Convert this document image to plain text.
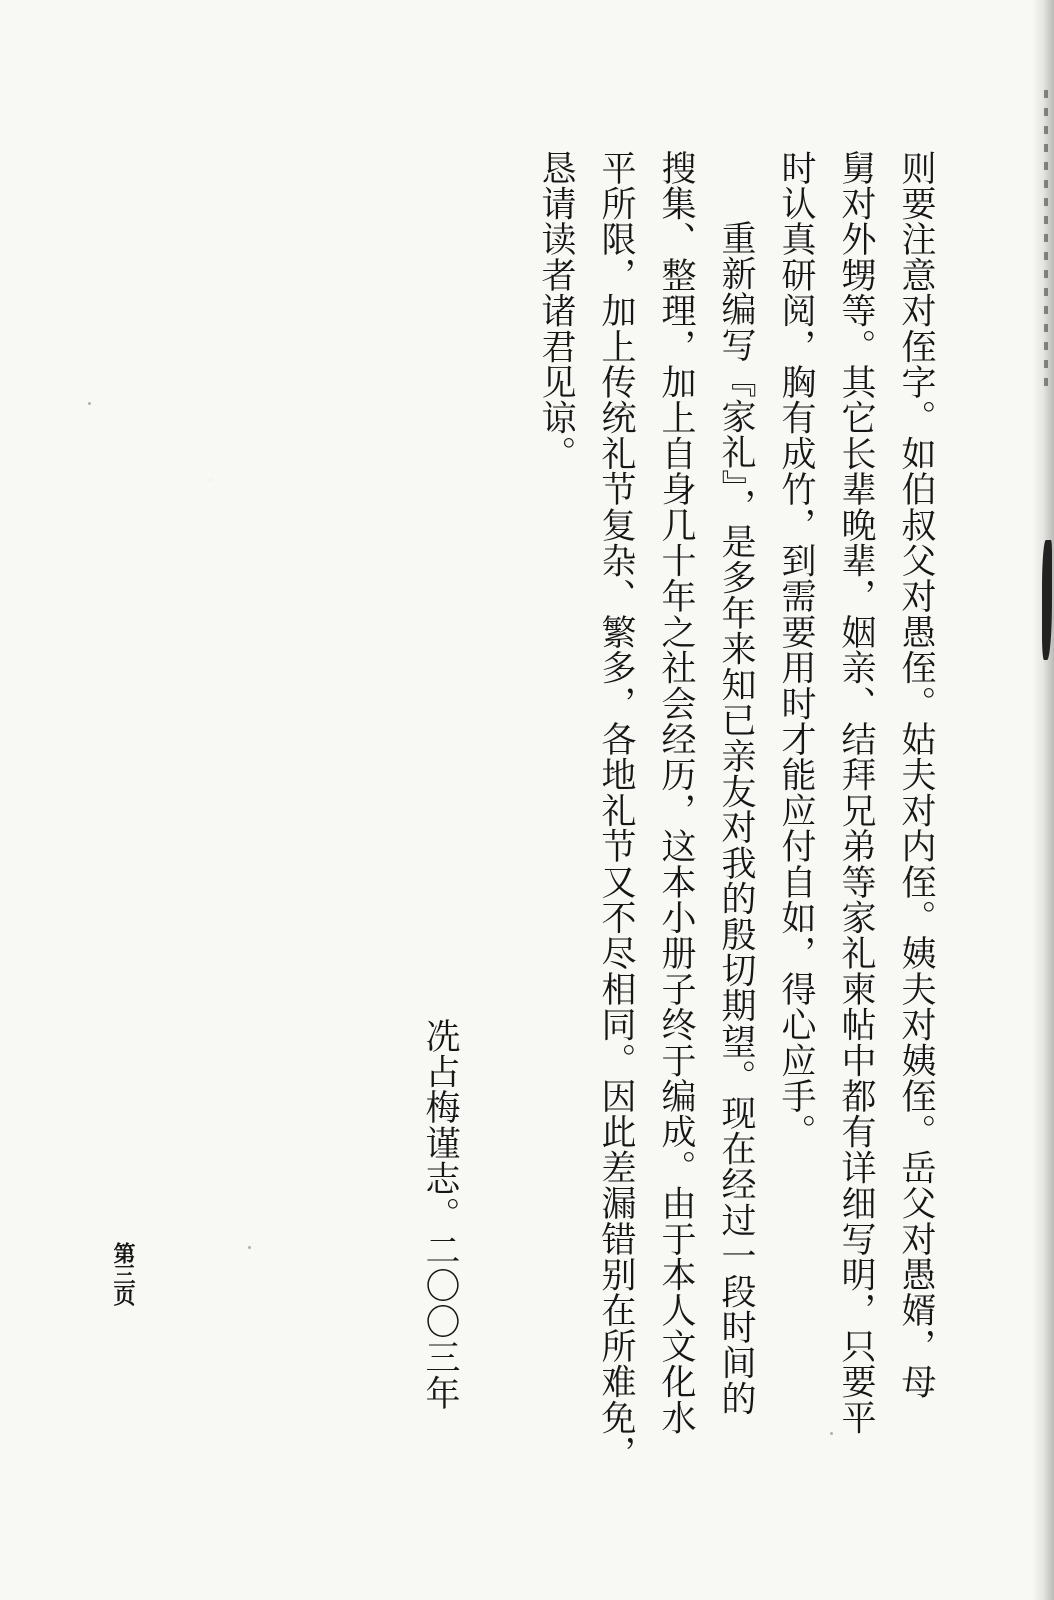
则要注意对侄字。如伯叔父对愚侄。姑夫对内侄。姨夫对姨侄。岳父对愚婿，母
舅对外甥等。其它长辈晚辈，姻亲、结拜兄弟等家礼柬帖中都有详细写明，只要平
时认真研阅，胸有成竹，到需要用时才能应付自如，得心应手。
重新编写『家礼』，是多年来知已亲友对我的殷切期望。现在经过一段时间的
搜集、整理，加上自身几十年之社会经历，这本小册子终于编成。由于本人文化水
平所限，加上传统礼节复杂、繁多，各地礼节又不尽相同。因此差漏错别在所难免，
恳请读者诸君见谅。
冼占梅谨志。二〇〇三年
第三页
